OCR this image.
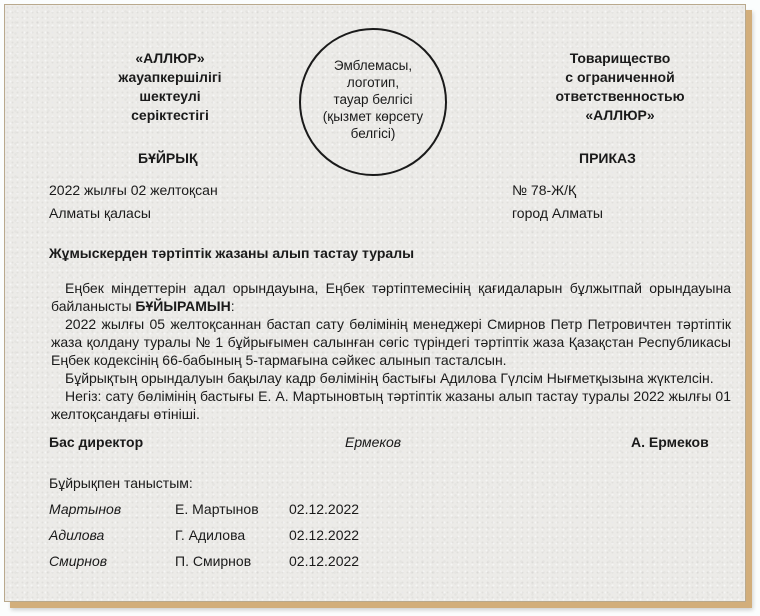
«АЛЛЮР»
жауапкершілігі
шектеулі
серіктестігі
Эмблемасы,
логотип,
тауар белгісі
(қызмет көрсету
белгісі)
Товарищество
с ограниченной
ответственностью
«АЛЛЮР»
БҰЙРЫҚ	ПРИКАЗ
2022 жылғы 02 желтоқсан	№ 78-Ж/Қ
Алматы қаласы	город Алматы
Жұмыскерден тәртіптік жазаны алып тастау туралы

Еңбек міндеттерін адал орындауына, Еңбек тәртіптемесінің қағидаларын бұлжытпай орындауына байланысты БҰЙЫРАМЫН:

2022 жылғы 05 желтоқсаннан бастап сату бөлімінің менеджері Смирнов Петр Петровичтен тәртіптік жаза қолдану туралы № 1 бұйрығымен салынған сөгіс түріндегі тәртіптік жаза Қазақстан Республикасы Еңбек кодексінің 66-бабының 5-тармағына сәйкес алынып тасталсын.

Бұйрықтың орындалуын бақылау кадр бөлімінің бастығы Адилова Гүлсім Нығметқызына жүктелсін.

Негіз: сату бөлімінің бастығы Е. А. Мартыновтың тәртіптік жазаны алып тастау туралы 2022 жылғы 01 желтоқсандағы өтініші.

Бас директор	Ермеков	А. Ермеков
Бұйрықпен таныстым:
Мартынов	Е. Мартынов 02.12.2022
Адилова	Г. Адилова	02.12.2022
Смирнов	П. Смирнов	02.12.2022
